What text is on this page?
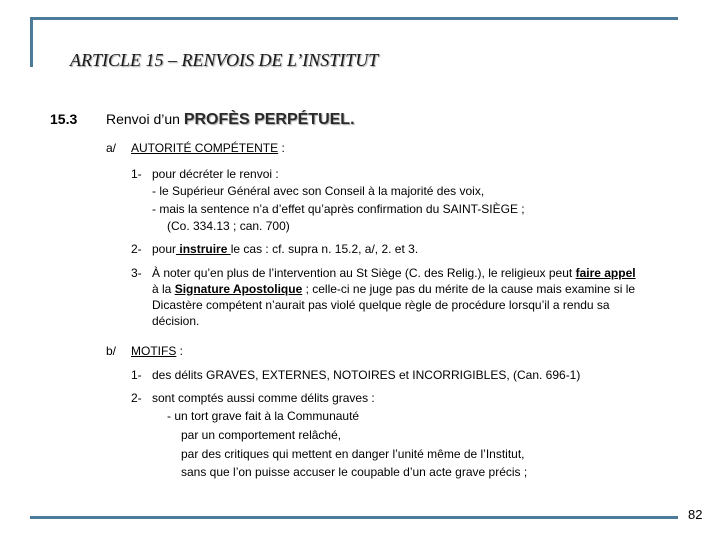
ARTICLE 15 – RENVOIS DE L’INSTITUT
15.3 Renvoi d’un PROFÈS PERPÉTUEL.
a/ AUTORITÉ COMPÉTENTE :
1- pour décréter le renvoi :
- le Supérieur Général avec son Conseil à la majorité des voix,
- mais la sentence n’a d’effet qu’après confirmation du SAINT-SIÈGE ;
(Co. 334.13 ; can. 700)
2- pour instruire le cas : cf. supra n. 15.2, a/, 2. et 3.
3- À noter qu’en plus de l’intervention au St Siège (C. des Relig.), le religieux peut faire appel
à la Signature Apostolique ; celle-ci ne juge pas du mérite de la cause mais examine si le
Dicastère compétent n’aurait pas violé quelque règle de procédure lorsqu’il a rendu sa
décision.
b/ MOTIFS :
1- des délits GRAVES, EXTERNES, NOTOIRES et INCORRIGIBLES, (Can. 696-1)
2- sont comptés aussi comme délits graves :
- un tort grave fait à la Communauté
par un comportement relâché,
par des critiques qui mettent en danger l’unité même de l’Institut,
sans que l’on puisse accuser le coupable d’un acte grave précis ;
82
